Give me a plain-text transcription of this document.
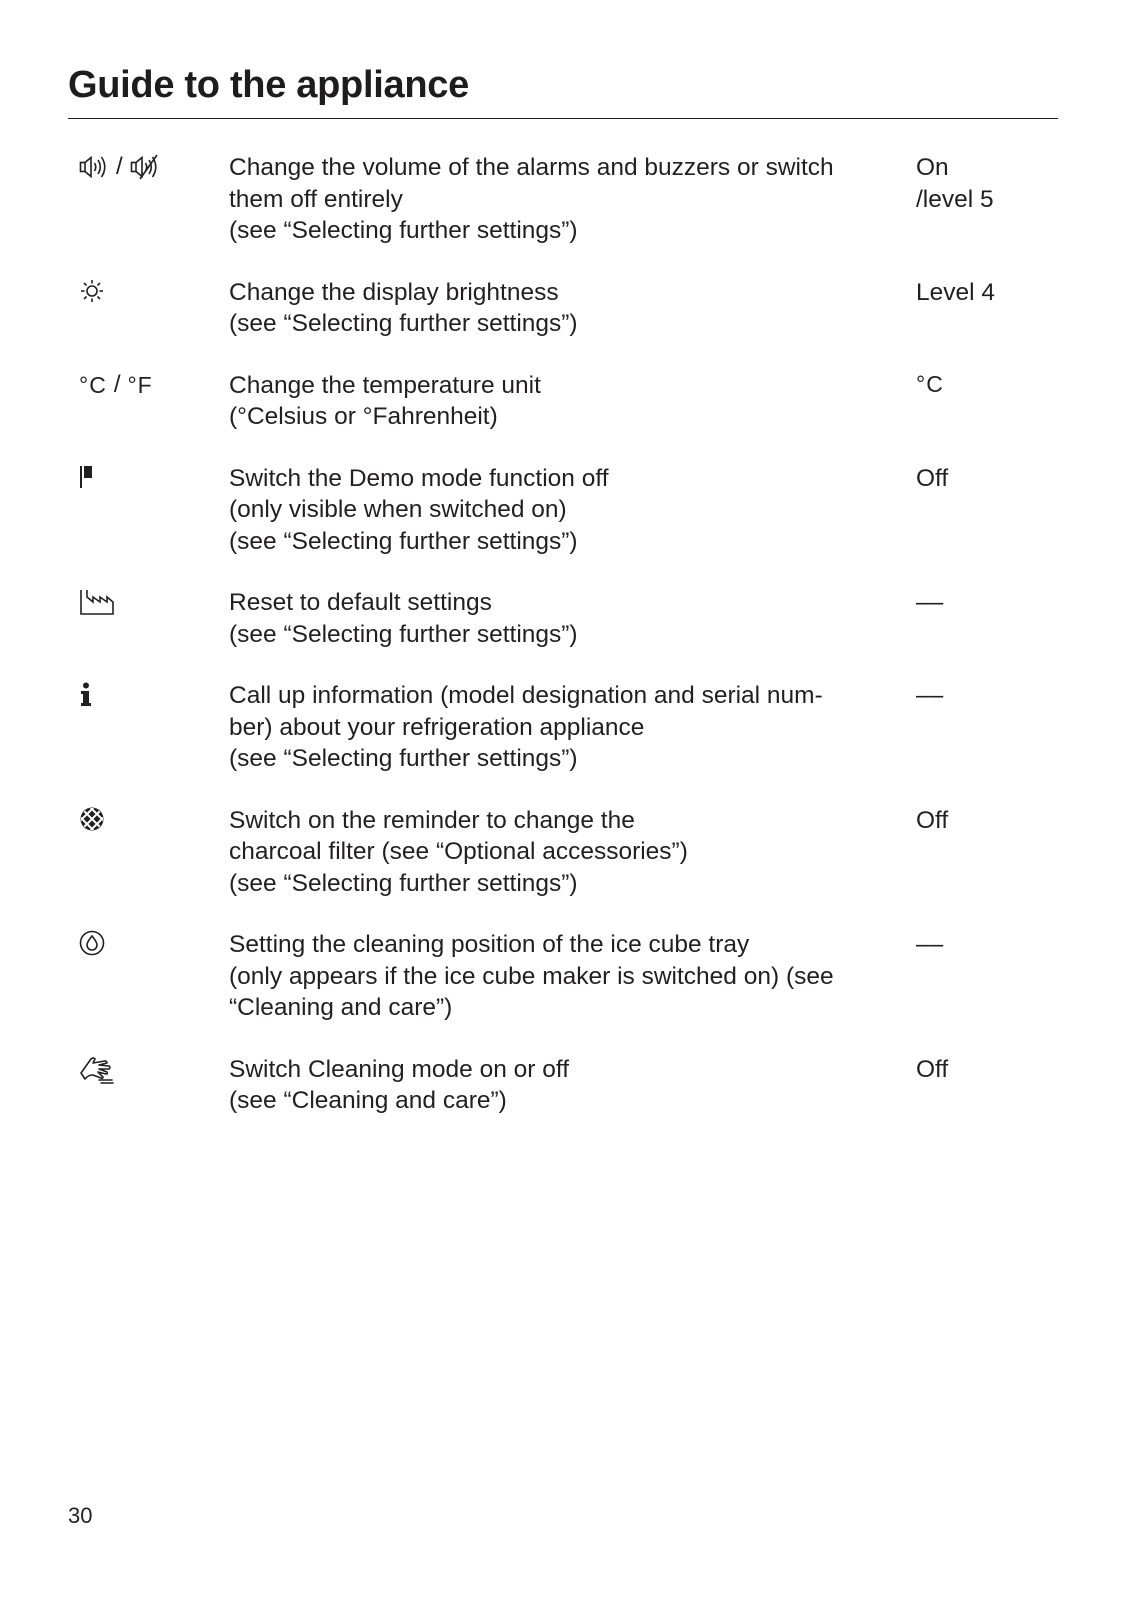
Guide to the appliance
/	Change the volume of the alarms and buzzers or switch
them off entirely
(see “Selecting further settings”)
On
/level 5
Change the display brightness
(see “Selecting further settings”)
Level 4
°C / °F	Change the temperature unit
(°Celsius or °Fahrenheit)
°C
Switch the Demo mode function off
(only visible when switched on)
(see “Selecting further settings”)
Off
Reset to default settings
(see “Selecting further settings”)
––
Call up information (model designation and serial num-
ber) about your refrigeration appliance
(see “Selecting further settings”)
––
Switch on the reminder to change the
charcoal filter (see “Optional accessories”)
(see “Selecting further settings”)
Off
Setting the cleaning position of the ice cube tray
(only appears if the ice cube maker is switched on) (see
“Cleaning and care”)
––
Switch Cleaning mode on or off
(see “Cleaning and care”)
Off
30
